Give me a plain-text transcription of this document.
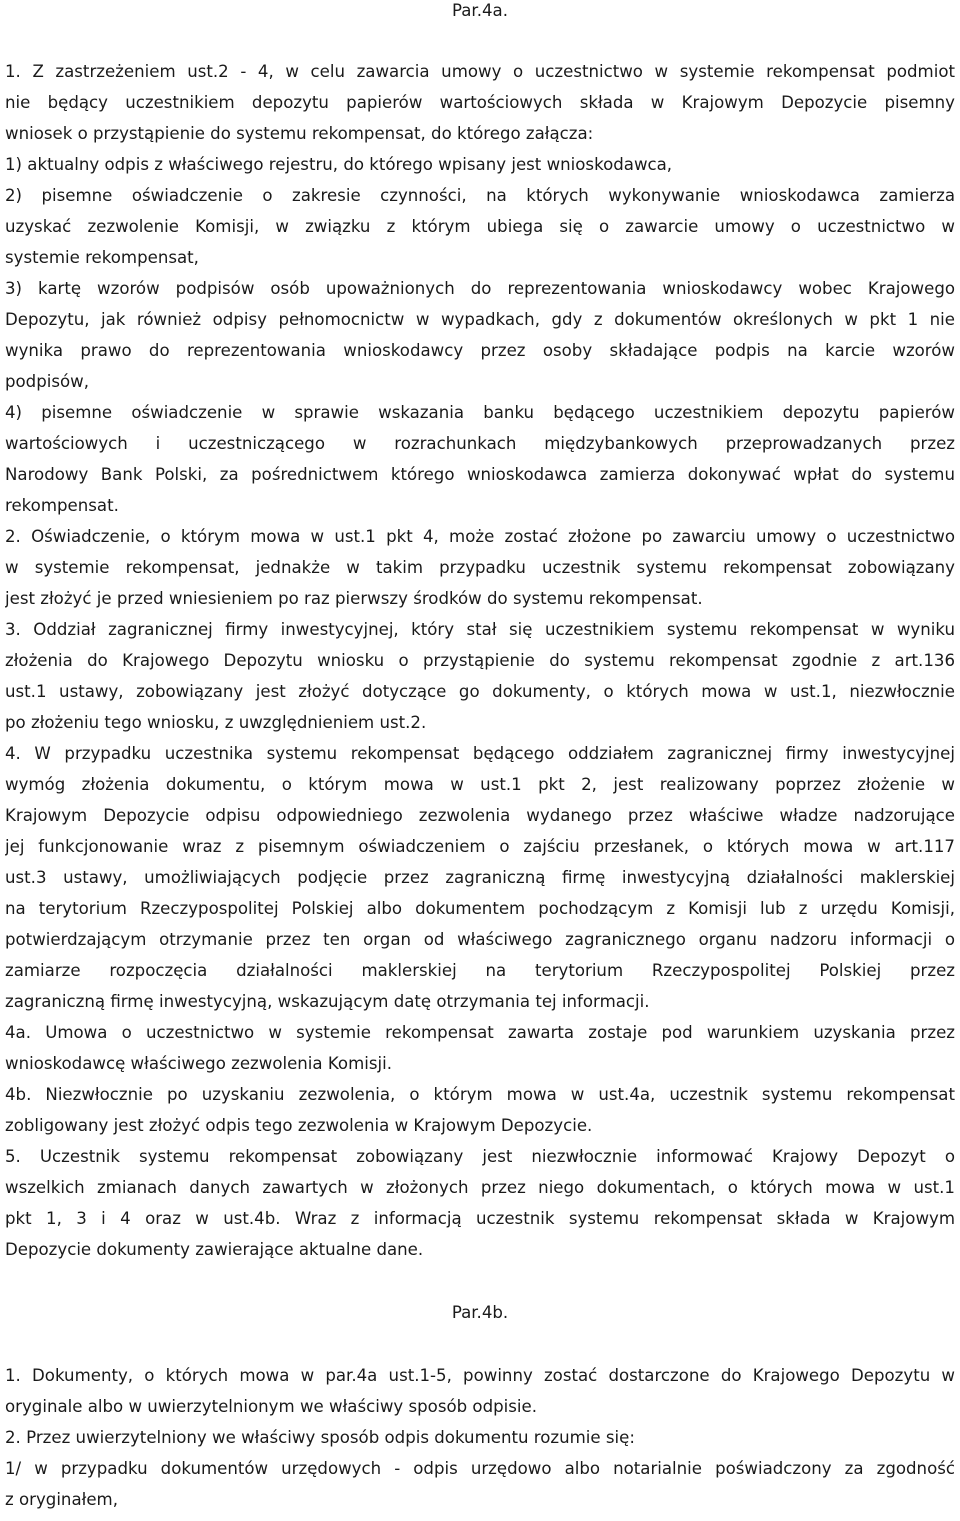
Par.4a.
1. Z zastrzeżeniem ust.2 - 4, w celu zawarcia umowy o uczestnictwo w systemie rekompensat podmiot
nie będący uczestnikiem depozytu papierów wartościowych składa w Krajowym Depozycie pisemny
wniosek o przystąpienie do systemu rekompensat, do którego załącza:
1) aktualny odpis z właściwego rejestru, do którego wpisany jest wnioskodawca,
2) pisemne oświadczenie o zakresie czynności, na których wykonywanie wnioskodawca zamierza
uzyskać zezwolenie Komisji, w związku z którym ubiega się o zawarcie umowy o uczestnictwo w
systemie rekompensat,
3) kartę wzorów podpisów osób upoważnionych do reprezentowania wnioskodawcy wobec Krajowego
Depozytu, jak również odpisy pełnomocnictw w wypadkach, gdy z dokumentów określonych w pkt 1 nie
wynika prawo do reprezentowania wnioskodawcy przez osoby składające podpis na karcie wzorów
podpisów,
4) pisemne oświadczenie w sprawie wskazania banku będącego uczestnikiem depozytu papierów
wartościowych i uczestniczącego w rozrachunkach międzybankowych przeprowadzanych przez
Narodowy Bank Polski, za pośrednictwem którego wnioskodawca zamierza dokonywać wpłat do systemu
rekompensat.
2. Oświadczenie, o którym mowa w ust.1 pkt 4, może zostać złożone po zawarciu umowy o uczestnictwo
w systemie rekompensat, jednakże w takim przypadku uczestnik systemu rekompensat zobowiązany
jest złożyć je przed wniesieniem po raz pierwszy środków do systemu rekompensat.
3. Oddział zagranicznej firmy inwestycyjnej, który stał się uczestnikiem systemu rekompensat w wyniku
złożenia do Krajowego Depozytu wniosku o przystąpienie do systemu rekompensat zgodnie z art.136
ust.1 ustawy, zobowiązany jest złożyć dotyczące go dokumenty, o których mowa w ust.1, niezwłocznie
po złożeniu tego wniosku, z uwzględnieniem ust.2.
4. W przypadku uczestnika systemu rekompensat będącego oddziałem zagranicznej firmy inwestycyjnej
wymóg złożenia dokumentu, o którym mowa w ust.1 pkt 2, jest realizowany poprzez złożenie w
Krajowym Depozycie odpisu odpowiedniego zezwolenia wydanego przez właściwe władze nadzorujące
jej funkcjonowanie wraz z pisemnym oświadczeniem o zajściu przesłanek, o których mowa w art.117
ust.3 ustawy, umożliwiających podjęcie przez zagraniczną firmę inwestycyjną działalności maklerskiej
na terytorium Rzeczypospolitej Polskiej albo dokumentem pochodzącym z Komisji lub z urzędu Komisji,
potwierdzającym otrzymanie przez ten organ od właściwego zagranicznego organu nadzoru informacji o
zamiarze rozpoczęcia działalności maklerskiej na terytorium Rzeczypospolitej Polskiej przez
zagraniczną firmę inwestycyjną, wskazującym datę otrzymania tej informacji.
4a. Umowa o uczestnictwo w systemie rekompensat zawarta zostaje pod warunkiem uzyskania przez
wnioskodawcę właściwego zezwolenia Komisji.
4b. Niezwłocznie po uzyskaniu zezwolenia, o którym mowa w ust.4a, uczestnik systemu rekompensat
zobligowany jest złożyć odpis tego zezwolenia w Krajowym Depozycie.
5. Uczestnik systemu rekompensat zobowiązany jest niezwłocznie informować Krajowy Depozyt o
wszelkich zmianach danych zawartych w złożonych przez niego dokumentach, o których mowa w ust.1
pkt 1, 3 i 4 oraz w ust.4b. Wraz z informacją uczestnik systemu rekompensat składa w Krajowym
Depozycie dokumenty zawierające aktualne dane.
Par.4b.
1. Dokumenty, o których mowa w par.4a ust.1-5, powinny zostać dostarczone do Krajowego Depozytu w
oryginale albo w uwierzytelnionym we właściwy sposób odpisie.
2. Przez uwierzytelniony we właściwy sposób odpis dokumentu rozumie się:
1/ w przypadku dokumentów urzędowych - odpis urzędowo albo notarialnie poświadczony za zgodność
z oryginałem,
